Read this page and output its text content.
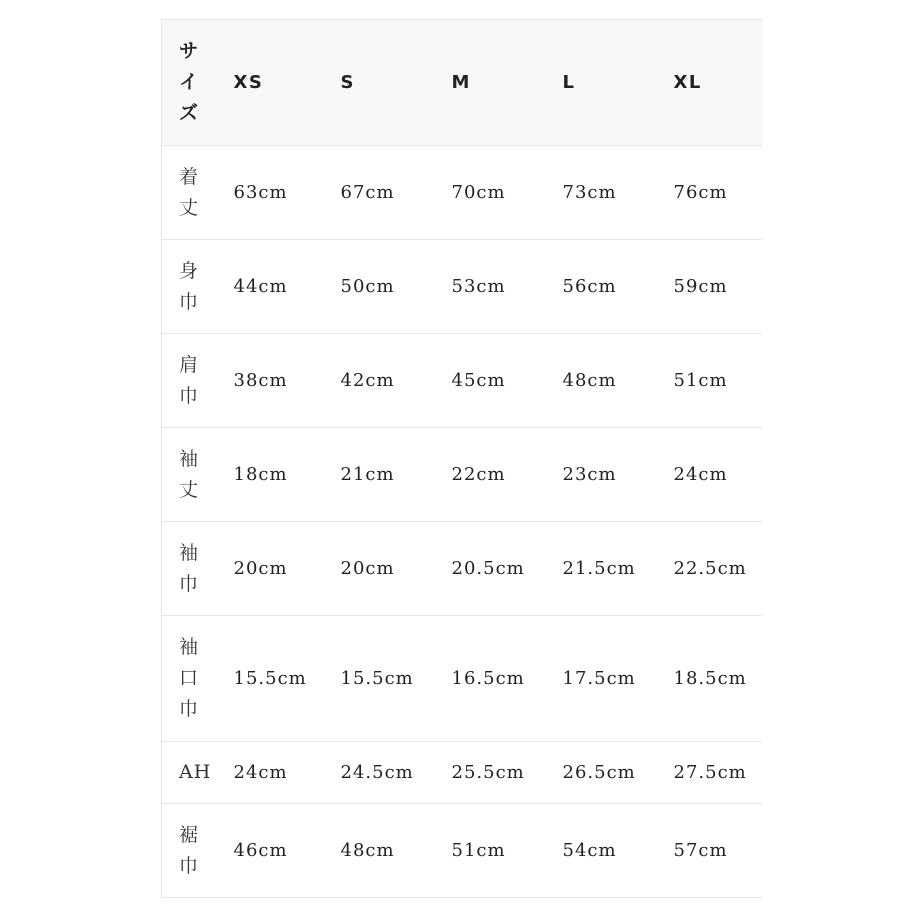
サ
イ
ズ	XS	S	M	L	XL

着
丈	63cm	67cm	70cm	73cm	76cm

身
巾	44cm	50cm	53cm	56cm	59cm

肩
巾	38cm	42cm	45cm	48cm	51cm

袖
丈	18cm	21cm	22cm	23cm	24cm

袖
巾	20cm	20cm	20.5cm	21.5cm	22.5cm

袖
口
巾	15.5cm	15.5cm	16.5cm	17.5cm	18.5cm

AH	24cm	24.5cm	25.5cm	26.5cm	27.5cm

裾
巾	46cm	48cm	51cm	54cm	57cm
